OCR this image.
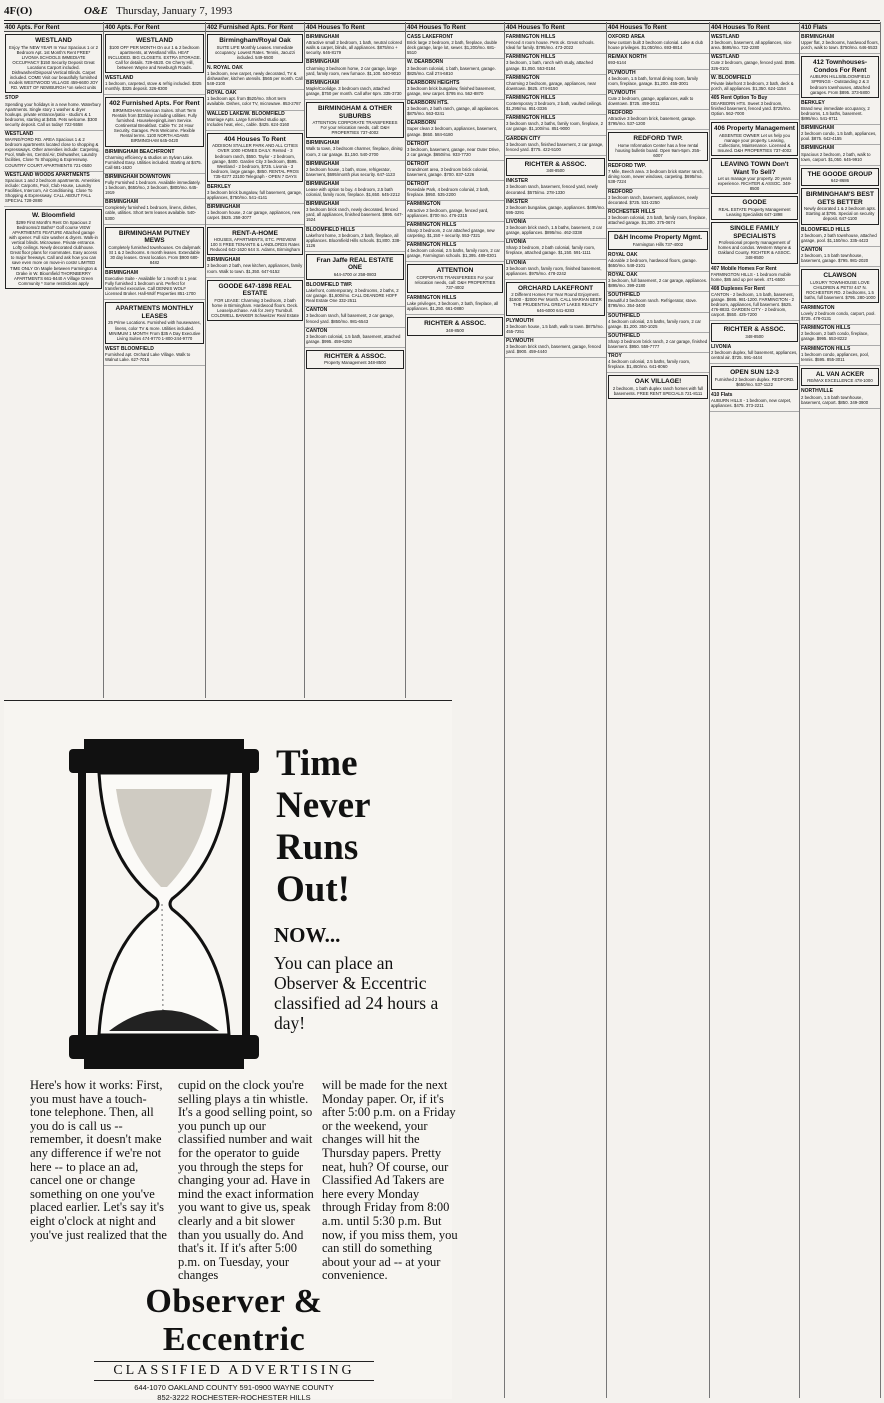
4F(O)	O&E Thursday, January 7, 1993
400 Apts. For Rent
WESTLAND
Enjoy The NEW YEAR In Your Spacious 1 or 2 Bedroom Apt. 1st Month's Rent FREE* LIVONIA SCHOOLS IMMEDIATE OCCUPANCY $150 Security Deposit Great Locations Carport included. Dishwasher/Disposal Vertical Blinds. Carpet included. COME Visit our beautifully furnished models WESTWOOD VILLAGE 459-6600 JOY RD. WEST OF NEWBURGH *on select units
STOP
Spending your holidays in a new home. Waterbury Apartments. Single story 1 washer & dryer hookups. private entrance/patio - studio's & 1 bedrooms, starting at $455. Pets welcome. $300 security deposit. Call us today! 722-5558
WESTLAND
WAYNE/FORD RD. AREA Spacious 1 & 2 bedroom apartments located close to shopping & expressways. Other amenities include: Carpeting, Pool, Walk-ins, Central Air, Dishwasher, Laundry facilities, Close To Shopping & Expressway. COUNTRY COURT APARTMENTS 721-0500
WESTLAND WOODS APARTMENTS
Spacious 1 and 2 bedroom apartments. Amenities include: Carports, Pool, Club House, Laundry Facilities, Intercom, Air Conditioning. Close To Shopping & Expressway. CALL ABOUT FALL SPECIAL 728-2880
W. Bloomfield
$299 First Month's Rent On Spacious 2 Bedrooms/2 Baths!* Golf course VIEW APARTMENTS FEATURE Attached garage with opener. Full size washer & dryers. Walk-in vertical blinds. Microwave. Private entrance. Lofty ceilings. Newly decorated clubhouse. Great floor plans for roommates. Easy access to major freeways. Call and ask how you can save even more on move-in costs! LIMITED TIME ONLY On Maple between Farmington & Drake in W. Bloomfield THORNBERRY APARTMENTS 661-8440 A Village Green Community * Some restrictions apply
400 Apts. For Rent
WESTLAND
$100 OFF PER MONTH On our 1 & 2 bedroom apartments, at Westland Villa. HEAT INCLUDED. BIG CLOSETS. EXTRA STORAGE. Call for details. 729-6520. On Cherry Hill, between Wayne and Newburgh Roads.
WESTLAND
1 bedroom, carpeted, stove & refrig included. $325 monthly. $325 deposit. 326-8300
402 Furnished Apts. For Rent
BIRMINGHAM American Suites. Short Term Rentals from $33/day including utilities. Fully furnished. Housekeeping/Linen Service. Continental Breakfast. Cable TV. 24 Hour Security. Garages. Pets Welcome. Flexible Rental terms. 1100 NORTH ADAMS BIRMINGHAM 645-0420
BIRMINGHAM BEACHFRONT
Charming efficiency & studios on Sylvan Lake. Furnished Easy. Utilities included. Starting at $475. Call 681-1620
BIRMINGHAM DOWNTOWN
Fully Furnished 1 bedroom. Available immediately. 1 bedroom, $650/mo, 2 bedroom, $800/mo. 645-1919
BIRMINGHAM
Completely furnished 1 bedroom, linens, dishes, cable, utilities. Short term leases available. 540-5300
BIRMINGHAM PUTNEY MEWS
Completely furnished townhouses. On dailymark St 1 & 2 bedrooms. 6 month leases. Extendable 30 day leases. Great location. From $900 680-8482
BIRMINGHAM
Executive Suite - Available for 1 month to 1 year. Fully furnished 1 bedroom unit. Perfect for transferred executive. Call DENNIS WOLF Licensed Broker. Hall-Wolf Properties 851-1700
APARTMENTS MONTHLY LEASES
25 Prime Locations. Furnished with housewares, linens, color TV & more. Utilities included. MINIMUM 1 MONTH From $35 A Day Executive Living Suites 474-9770 1-800-244-9770
WEST BLOOMFIELD
Furnished apt. Orchard Lake Village. Walk to Walnut Lake. 627-7016
402 Furnished Apts. For Rent
Birmingham/Royal Oak
SUITE LIFE Monthly Leases. Immediate occupancy. Lowest Rates. Tennis, Jacuzzi included. 549-5500
N. ROYAL OAK
1 bedroom, new carpet, newly decorated, TV & dishwasher, kitchen utensils. $565 per month. Call 548-2100
ROYAL OAK
1 bedroom apt. from $520/mo. Short term available. Dishes, color TV, microwave. 853-2787
WALLED LAKE/W. BLOOMFIELD
Marriage Apts. Large furnished studio apt. Includes heat, elec., cable. $425. 624-3160
404 Houses To Rent
ADDISON STALLER PARK AND ALL CITIES OVER 1000 HOMES DAILY. Rented - 3 bedroom ranch, $550. Taylor - 2 bedroom, garage, $400. Garden City 3 bedroom, $595. Westland - 2 bedroom, $725. Livonia - 3 bedroom, large garage, $850. RENTAL PROS 735-0277 23100 Telegraph - OPEN 7 DAYS
BERKLEY
3 bedroom brick bungalow, full basement, garage, appliances, $750/mo. 541-4141
BIRMINGHAM
1 bedroom house, 2 car garage, appliances, new carpet. $625. 258-3077
RENT-A-HOME
HOUSES, APARTMENTS, ETC. PREVIEW 100 S FREE TENANTS & LANDLORDS Rates Reduced 642-1620 644 S. Adams, Birmingham
BIRMINGHAM
3 bedroom 2 bath, new kitchen, appliances, family room. Walk to town. $1,350. 647-5152
GOODE 647-1898 REAL ESTATE
FOR LEASE: Charming 3 bedroom, 2 bath home in Birmingham. Hardwood floors. Deck. Lease/purchase. Ask for Jerry Trumbull. COLDWELL BANKER Schweitzer Real Estate
404 Houses To Rent
BIRMINGHAM
Attractive small 2 bedroom, 1 bath, neutral colored walls & carpet, blinds, all appliances. $875/mo + security. 646-8179
BIRMINGHAM
Charming 3 bedroom home, 2 car garage, large yard, family room, new furnace. $1,100. 540-9010
BIRMINGHAM
Maple/Coolidge. 3 bedroom ranch, attached garage, $750 per month. Call after 6pm. 335-3730
BIRMINGHAM & OTHER SUBURBS
ATTENTION CORPORATE TRANSFEREES For your relocation needs, call: D&H PROPERTIES 737-4002
BIRMINGHAM
Walk to town, 3 bedroom charmer, fireplace, dining room, 2 car garage. $1,150. 540-2700
BIRMINGHAM
2 bedroom house, 1 bath, stove, refrigerator, basement, $695/month plus security. 647-1123
BIRMINGHAM
Lease with option to buy. 4 bedroom, 2.5 bath colonial, family room, fireplace. $1,650. 645-2212
BIRMINGHAM
3 bedroom brick ranch, newly decorated, fenced yard, all appliances, finished basement. $895. 647-1524
BLOOMFIELD HILLS
Lakefront home, 3 bedroom, 2 bath, fireplace, all appliances. Bloomfield Hills schools. $1,800. 338-1126
Fran Jaffe REAL ESTATE ONE
644-4700 or 258-0803
BLOOMFIELD TWP.
Lakefront, contemporary, 3 bedrooms, 2 baths, 2 car garage. $1,600/mo. CALL DEANDRE HOFF Real Estate One 332-2511
CANTON
3 bedroom ranch, full basement, 2 car garage, fenced yard. $850/mo. 981-6543
CANTON
3 bedroom colonial, 1.5 bath, basement, attached garage. $995. 459-6250
RICHTER & ASSOC.
Property Management 348-8500
404 Houses To Rent
CASS LAKEFRONT
Brick large 2 bedroom, 2 bath, fireplace, double deck garage, large lot, sewer. $1,200/mo. 681-5510
W. DEARBORN
3 bedroom colonial, 1 bath, basement, garage. $825/mo. Call 274-6810
DEARBORN HEIGHTS
3 bedroom brick bungalow, finished basement, garage, new carpet. $795 mo. 562-8870
DEARBORN HTS.
3 bedroom, 2 bath ranch, garage, all appliances. $875/mo. 563-0241
DEARBORN
Super clean 2 bedroom, appliances, basement, garage. $650. 584-6180
DETROIT
3 bedroom, basement, garage, near Outer Drive, 2 car garage. $650/mo. 933-7720
DETROIT
Grandmont area, 3 bedroom brick colonial, basement, garage. $700. 837-1226
DETROIT
Rosedale Park, 4 bedroom colonial, 2 bath, fireplace. $950. 535-2200
FARMINGTON
Attractive 2 bedroom, garage, fenced yard, appliances. $700 mo. 476-2315
FARMINGTON HILLS
Sharp 3 bedroom, 2 car attached garage, new carpeting. $1,150 + security. 553-7321
FARMINGTON HILLS
4 bedroom colonial, 2.5 baths, family room, 2 car garage, Farmington schools. $1,395. 489-0301
ATTENTION
CORPORATE TRANSFEREES For your relocation needs, call: D&H PROPERTIES 737-4002
FARMINGTON HILLS
Lake privileges, 3 bedroom, 2 bath, fireplace, all appliances. $1,250. 661-0880
RICHTER & ASSOC.
348-8500
404 Houses To Rent
FARMINGTON HILLS
Fenced 4 room house. Pets ok. Great schools. Ideal for family. $795/mo. 473-2022
FARMINGTON HILLS
3 bedroom, 1 bath, ranch with study, attached garage. $1,050. 553-0184
FARMINGTON
Charming 2 bedroom, garage, appliances, near downtown. $625. 474-8150
FARMINGTON HILLS
Contemporary 3 bedroom, 2 bath, vaulted ceilings. $1,295/mo. 851-3336
FARMINGTON HILLS
3 bedroom ranch, 2 baths, family room, fireplace, 2 car garage. $1,100/mo. 851-9000
GARDEN CITY
3 bedroom ranch, finished basement, 2 car garage, fenced yard. $775. 422-5100
RICHTER & ASSOC.
348-8500
INKSTER
3 bedroom ranch, basement, fenced yard, newly decorated. $575/mo. 278-1330
INKSTER
2 bedroom bungalow, garage, appliances. $495/mo. 595-3291
LIVONIA
3 bedroom brick ranch, 1.5 baths, basement, 2 car garage, appliances. $895/mo. 462-3338
LIVONIA
Sharp 3 bedroom, 2 bath colonial, family room, fireplace, attached garage. $1,150. 591-1111
LIVONIA
3 bedroom ranch, family room, finished basement, appliances. $975/mo. 478-2242
ORCHARD LAKEFRONT
2 Different Homes For Year Round Enjoyment. $1600 - $2000 Per Month. CALL MARIAN BEER THE PRUDENTIAL GREAT LAKES REALTY 646-6000 641-8283
PLYMOUTH
3 bedroom house, 1.5 bath, walk to town. $875/mo. 455-7251
PLYMOUTH
3 bedroom brick ranch, basement, garage, fenced yard. $900. 459-4440
404 Houses To Rent
OXFORD AREA
New custom built 3 bedroom colonial. Lake & club house privileges. $1,050/mo. 693-8814
RE/MAX NORTH
693-6144
PLYMOUTH
4 bedroom, 1.5 bath, formal dining room, family room, fireplace, garage. $1,200. 455-3001
PLYMOUTH
Cute 2 bedroom, garage, appliances, walk to downtown. $725. 459-2011
REDFORD
Attractive 3 bedroom brick, basement, garage. $795/mo. 537-1200
REDFORD TWP.
Home Information Center has a free rental housing bulletin board. Open 9am-5pm. 255-6007
REDFORD TWP.
7 Mile, Beech area. 3 bedroom brick starter ranch, dining room, newer windows, carpeting. $695/mo. 538-7224
REDFORD
3 bedroom ranch, basement, appliances, newly decorated. $725. 531-2250
ROCHESTER HILLS
3 bedroom colonial, 2.5 bath, family room, fireplace, attached garage. $1,300. 375-0674
D&H Income Property Mgmt.
Farmington Hills 737-4002
ROYAL OAK
Adorable 2 bedroom, hardwood floors, garage. $650/mo. 548-2101
ROYAL OAK
3 bedroom, full basement, 2 car garage, appliances. $895/mo. 399-2180
SOUTHFIELD
Beautiful 3 bedroom ranch. Refrigerator, stove. $795/mo. 354-3400
SOUTHFIELD
4 bedroom colonial, 2.5 baths, family room, 2 car garage. $1,200. 350-1025
SOUTHFIELD
Sharp 3 bedroom brick ranch, 2 car garage, finished basement. $950. 559-7777
TROY
4 bedroom colonial, 2.5 baths, family room, fireplace. $1,450/mo. 641-8060
OAK VILLAGE!
2 bedroom, 1 bath duplex ranch homes with full basements. FREE RENT SPECIALS 721-8111
404 Houses To Rent
WESTLAND
3 bedroom, basement, all appliances, nice area. $695/mo. 722-2280
WESTLAND
Cute 2 bedroom, garage, fenced yard. $595. 326-0101
W. BLOOMFIELD
Private lakefront 3 bedroom, 2 bath, deck & porch, all appliances. $1,350. 624-1154
405 Rent Option To Buy
DEARBORN HTS. Sweet 3 bedroom, finished basement, fenced yard. $725/mo. Option. 562-7000
406 Property Management
ABSENTEE OWNER Let us help you manage your property. Leasing, Collections, Maintenance. Licensed & Insured. D&H PROPERTIES 737-4002
LEAVING TOWN Don't Want To Sell?
Let us manage your property. 20 years experience. RICHTER & ASSOC. 348-8500
GOODE
REAL ESTATE Property Management Leasing Specialists 647-1898
SINGLE FAMILY SPECIALISTS
Professional property management of homes and condos. Western Wayne & Oakland County. RICHTER & ASSOC. 348-8500
407 Mobile Homes For Rent
FARMINGTON HILLS - 1 bedroom mobile home, $85 and up per week. 471-6500
408 Duplexes For Rent
CANTON - 2 bedroom, 1.5 bath, basement, garage. $695. 981-1200. FARMINGTON - 2 bedroom, appliances, full basement. $625. 476-8833. GARDEN CITY - 2 bedroom, carport. $550. 425-7200
RICHTER & ASSOC.
348-8500
LIVONIA
2 bedroom duplex, full basement, appliances, central air. $725. 591-4444
OPEN SUN 12-3
Furnished 2 bedroom duplex. REDFORD. $650/mo. 537-1122
410 Flats
AUBURN HILLS - 1 bedroom, new carpet, appliances. $475. 373-2211
410 Flats
BIRMINGHAM
Upper flat, 2 bedrooms, hardwood floors, porch, walk to town. $750/mo. 646-5533
412 Townhouses-Condos For Rent
AUBURN HILLS/BLOOMFIELD SPRINGS - Outstanding 2 & 3 bedroom townhouses, attached garages. From $895. 373-5800
BERKLEY
Brand new, immediate occupancy, 2 bedrooms, 1.5 baths, basement. $895/mo. 541-8711
BIRMINGHAM
2 bedroom condo, 1.5 bath, appliances, pool. $875. 642-4155
BIRMINGHAM
Spacious 2 bedroom, 2 bath, walk to town, carport. $1,050. 645-9910
THE GOODE GROUP
642-8686
BIRMINGHAM'S BEST GETS BETTER
Newly decorated 1 & 2 bedroom apts. Starting at $795. Special on security deposit. 647-1100
BLOOMFIELD HILLS
2 bedroom, 2 bath townhouse, attached garage, pool. $1,150/mo. 335-4423
CANTON
2 bedroom, 1.5 bath townhouse, basement, garage. $795. 981-2020
CLAWSON
LUXURY TOWNHOUSE LOVE CHILDREN & PETS! 447 N. ROCHESTER RD. 2 bedrooms, 1.5 baths, full basement. $795. 280-1000
FARMINGTON
Lovely 2 bedroom condo, carport, pool. $725. 478-0131
FARMINGTON HILLS
2 bedroom, 2 bath condo, fireplace, garage. $995. 553-8222
FARMINGTON HILLS
1 bedroom condo, appliances, pool, tennis. $595. 855-3011
AL VAN ACKER
RE/MAX EXCELLENCE 478-1000
NORTHVILLE
2 bedroom, 1.5 bath townhouse, basement, carport. $850. 349-3900
Time
Never
Runs
Out!
NOW...
You can place an Observer & Eccentric classified ad 24 hours a day!
Here's how it works: First, you must have a touch-tone telephone. Then, all you do is call us -- remember, it doesn't make any difference if we're not here -- to place an ad, cancel one or change something on one you've placed earlier. Let's say it's eight o'clock at night and you've just realized that the
cupid on the clock you're selling plays a tin whistle. It's a good selling point, so you punch up our classified number and wait for the operator to guide you through the steps for changing your ad. Have in mind the exact information you want to give us, speak clearly and a bit slower than you usually do. And that's it. If it's after 5:00 p.m. on Tuesday, your changes
will be made for the next Monday paper. Or, if it's after 5:00 p.m. on a Friday or the weekend, your changes will hit the Thursday papers. Pretty neat, huh? Of course, our Classified Ad Takers are here every Monday through Friday from 8:00 a.m. until 5:30 p.m. But now, if you miss them, you can still do something about your ad -- at your convenience.
Observer & Eccentric
CLASSIFIED ADVERTISING
644-1070 OAKLAND COUNTY 591-0900 WAYNE COUNTY
852-3222 ROCHESTER-ROCHESTER HILLS
